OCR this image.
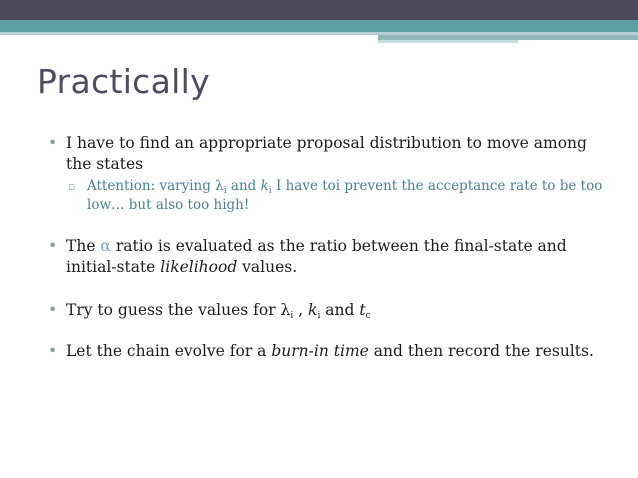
Practically
• I have to find an appropriate proposal distribution to move among the states
▫ Attention: varying $\lambda_i$ and $k_i$ I have toi prevent the acceptance rate to be too low… but also too high!
• The α ratio is evaluated as the ratio between the final-state and initial-state likelihood values.
• Try to guess the values for $\lambda_i$ , $k_i$ and $t_c$
• Let the chain evolve for a burn-in time and then record the results.
